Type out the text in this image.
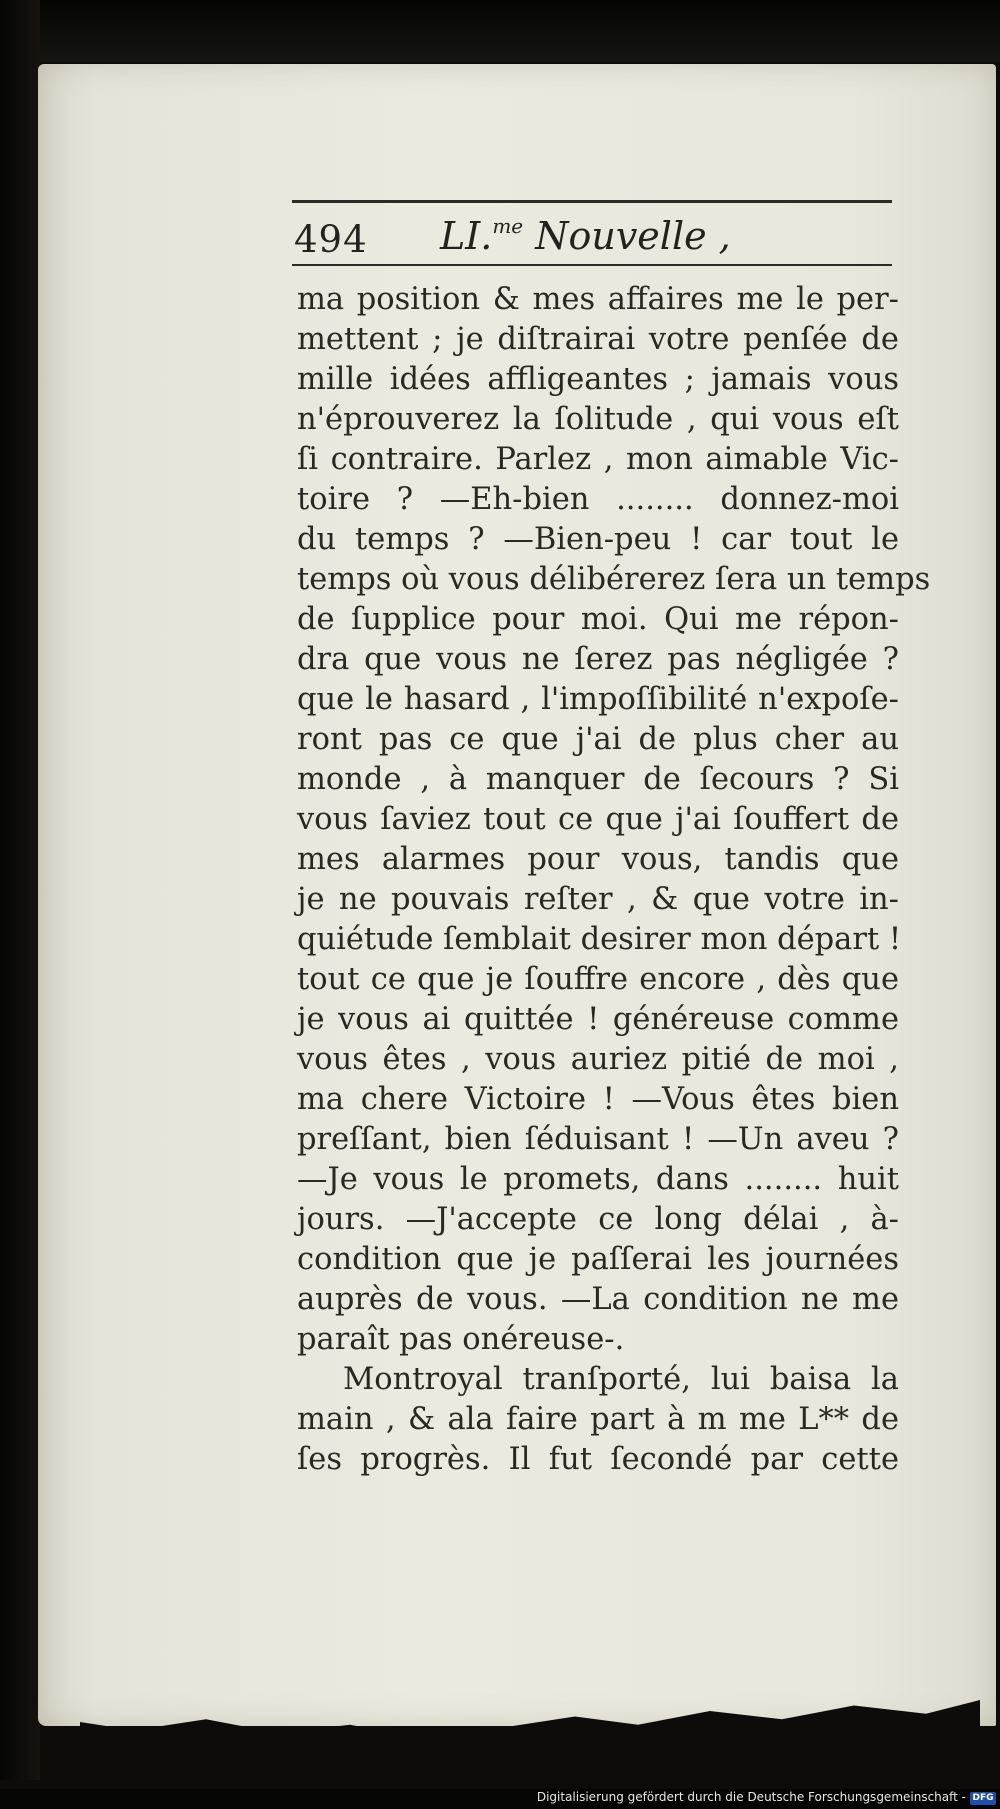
494 LI.$^{me}$ Nouvelle ,
ma position & mes affaires me le per-
mettent ; je diſtrairai votre penſée de
mille idées affligeantes ; jamais vous
n'éprouverez la ſolitude , qui vous eſt
ſi contraire. Parlez , mon aimable Vic-
toire ? —Eh-bien ........ donnez-moi
du temps ? —Bien-peu ! car tout le
temps où vous délibérerez ſera un temps
de ſupplice pour moi. Qui me répon-
dra que vous ne ſerez pas négligée ?
que le hasard , l'impoſſibilité n'expoſe-
ront pas ce que j'ai de plus cher au
monde , à manquer de ſecours ? Si
vous ſaviez tout ce que j'ai ſouffert de
mes alarmes pour vous, tandis que
je ne pouvais reſter , & que votre in-
quiétude ſemblait desirer mon départ !
tout ce que je ſouffre encore , dès que
je vous ai quittée ! généreuse comme
vous êtes , vous auriez pitié de moi ,
ma chere Victoire ! —Vous êtes bien
preſſant, bien ſéduisant ! —Un aveu ?
—Je vous le promets, dans ........ huit
jours. —J'accepte ce long délai , à-
condition que je paſſerai les journées
auprès de vous. —La condition ne me
paraît pas onéreuse-.
Montroyal tranſporté, lui baisa la
main , & ala faire part à m me L** de
ſes progrès. Il fut ſecondé par cette
Digitalisierung gefördert durch die Deutsche Forschungsgemeinschaft - DFG
